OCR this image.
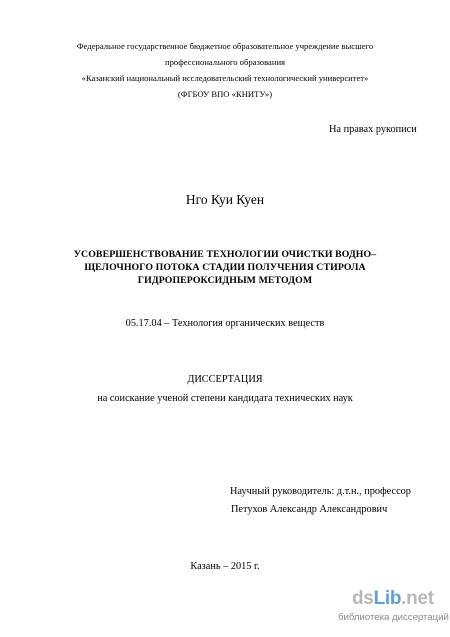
Федеральное государственное бюджетное образовательное учреждение высшего
профессионального образования
«Казанский национальный исследовательский технологический университет»
(ФГБОУ ВПО «КНИТУ»)
На правах рукописи
Нго Куи Куен
УСОВЕРШЕНСТВОВАНИЕ ТЕХНОЛОГИИ ОЧИСТКИ ВОДНО–
ЩЕЛОЧНОГО ПОТОКА СТАДИИ ПОЛУЧЕНИЯ СТИРОЛА
ГИДРОПЕРОКСИДНЫМ МЕТОДОМ
05.17.04 – Технология органических веществ
ДИССЕРТАЦИЯ
на соискание ученой степени кандидата технических наук
Научный руководитель: д.т.н., профессор
Петухов Александр Александрович
Казань – 2015 г.
dsLib.net
библиотека диссертаций
